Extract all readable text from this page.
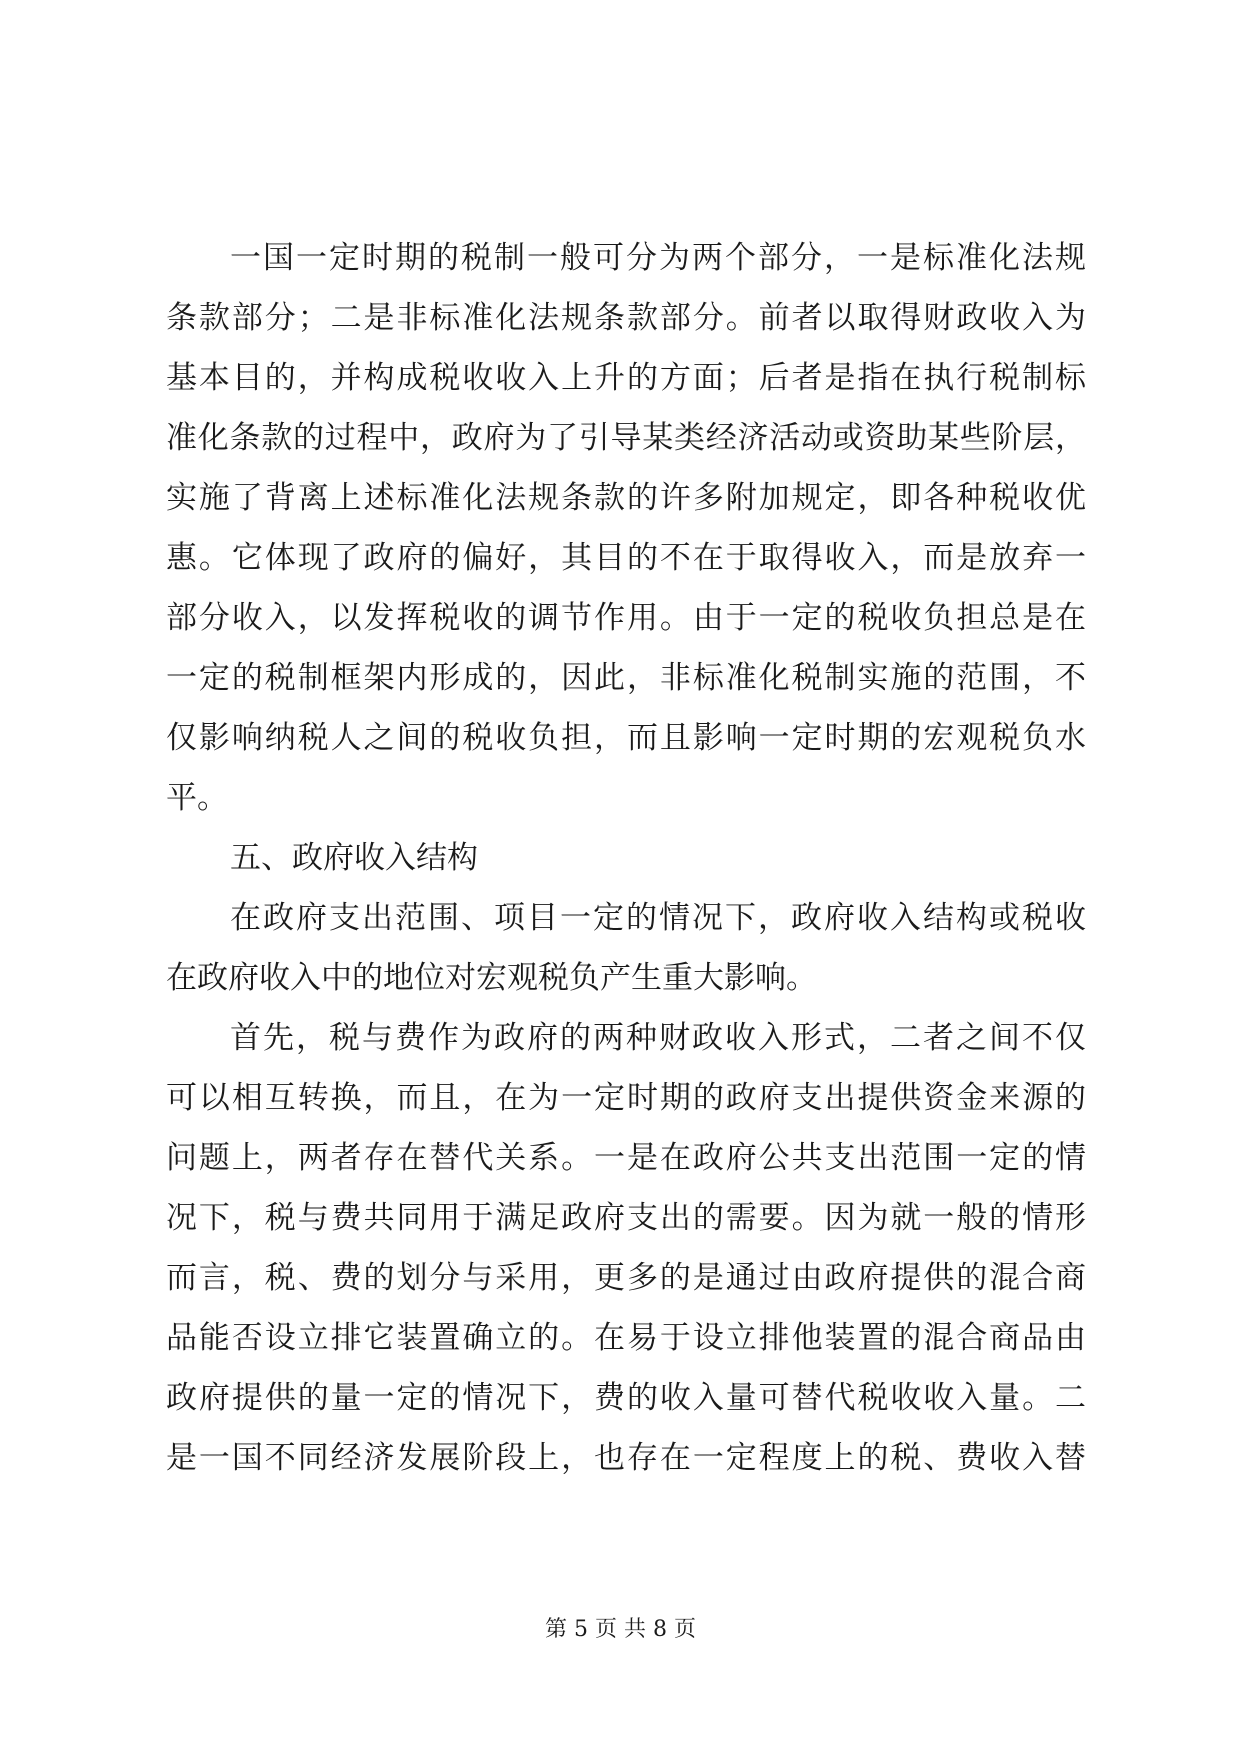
一国一定时期的税制一般可分为两个部分，一是标准化法规
条款部分；二是非标准化法规条款部分。前者以取得财政收入为
基本目的，并构成税收收入上升的方面；后者是指在执行税制标
准化条款的过程中，政府为了引导某类经济活动或资助某些阶层，
实施了背离上述标准化法规条款的许多附加规定，即各种税收优
惠。它体现了政府的偏好，其目的不在于取得收入，而是放弃一
部分收入，以发挥税收的调节作用。由于一定的税收负担总是在
一定的税制框架内形成的，因此，非标准化税制实施的范围，不
仅影响纳税人之间的税收负担，而且影响一定时期的宏观税负水
平。
五、政府收入结构
在政府支出范围、项目一定的情况下，政府收入结构或税收
在政府收入中的地位对宏观税负产生重大影响。
首先，税与费作为政府的两种财政收入形式，二者之间不仅
可以相互转换，而且，在为一定时期的政府支出提供资金来源的
问题上，两者存在替代关系。一是在政府公共支出范围一定的情
况下，税与费共同用于满足政府支出的需要。因为就一般的情形
而言，税、费的划分与采用，更多的是通过由政府提供的混合商
品能否设立排它装置确立的。在易于设立排他装置的混合商品由
政府提供的量一定的情况下，费的收入量可替代税收收入量。二
是一国不同经济发展阶段上，也存在一定程度上的税、费收入替
第 5 页 共 8 页
